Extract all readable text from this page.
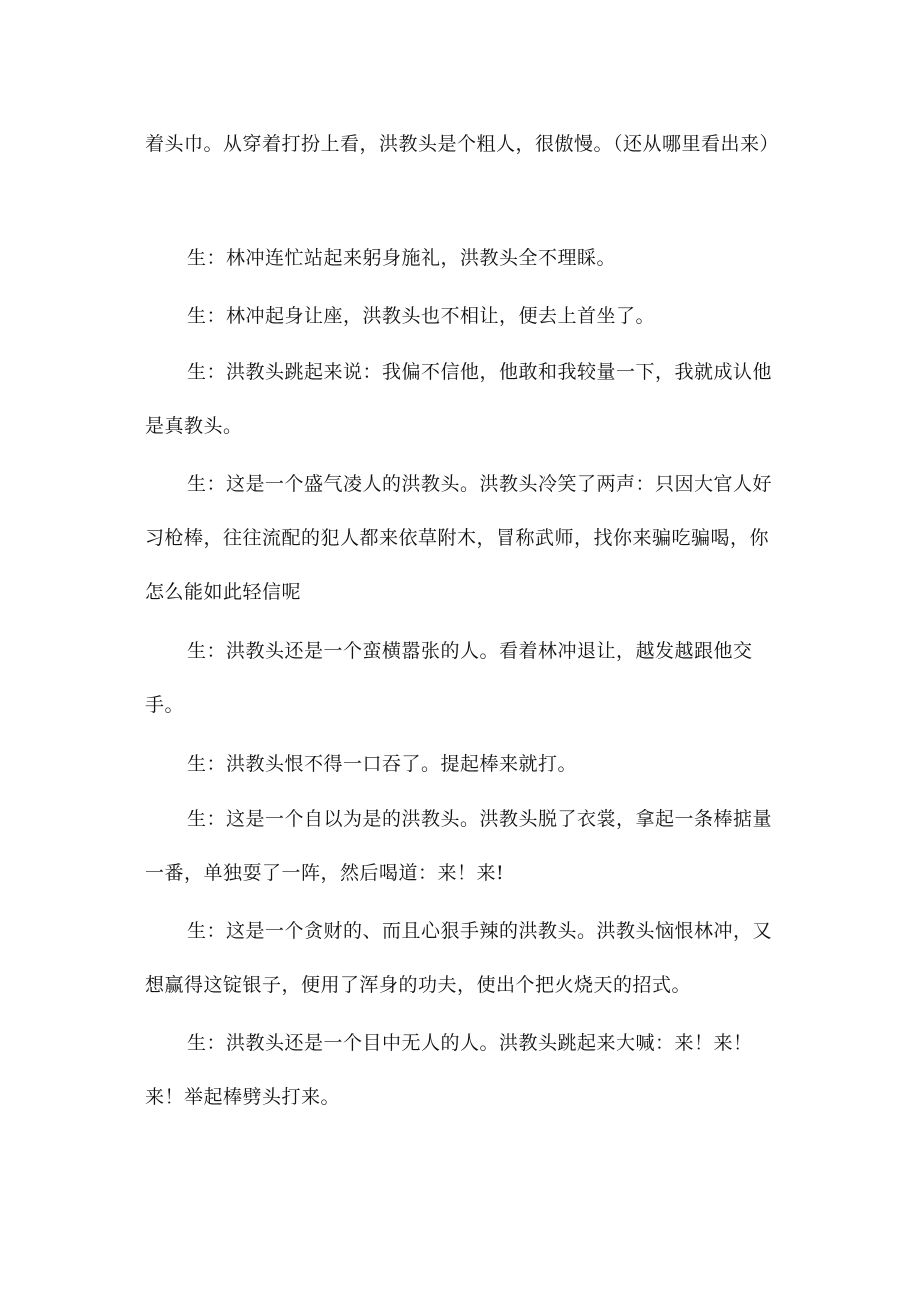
着头巾。从穿着打扮上看，洪教头是个粗人，很傲慢。（还从哪里看出来）

生：林冲连忙站起来躬身施礼，洪教头全不理睬。

生：林冲起身让座，洪教头也不相让，便去上首坐了。

生：洪教头跳起来说：我偏不信他，他敢和我较量一下，我就成认他是真教头。

生：这是一个盛气凌人的洪教头。洪教头冷笑了两声：只因大官人好习枪棒，往往流配的犯人都来依草附木，冒称武师，找你来骗吃骗喝，你怎么能如此轻信呢

生：洪教头还是一个蛮横嚣张的人。看着林冲退让，越发越跟他交手。

生：洪教头恨不得一口吞了。提起棒来就打。

生：这是一个自以为是的洪教头。洪教头脱了衣裳，拿起一条棒掂量一番，单独耍了一阵，然后喝道：来！来!

生：这是一个贪财的、而且心狠手辣的洪教头。洪教头恼恨林冲，又想赢得这锭银子，便用了浑身的功夫，使出个把火烧天的招式。

生：洪教头还是一个目中无人的人。洪教头跳起来大喊：来！来！来！举起棒劈头打来。
